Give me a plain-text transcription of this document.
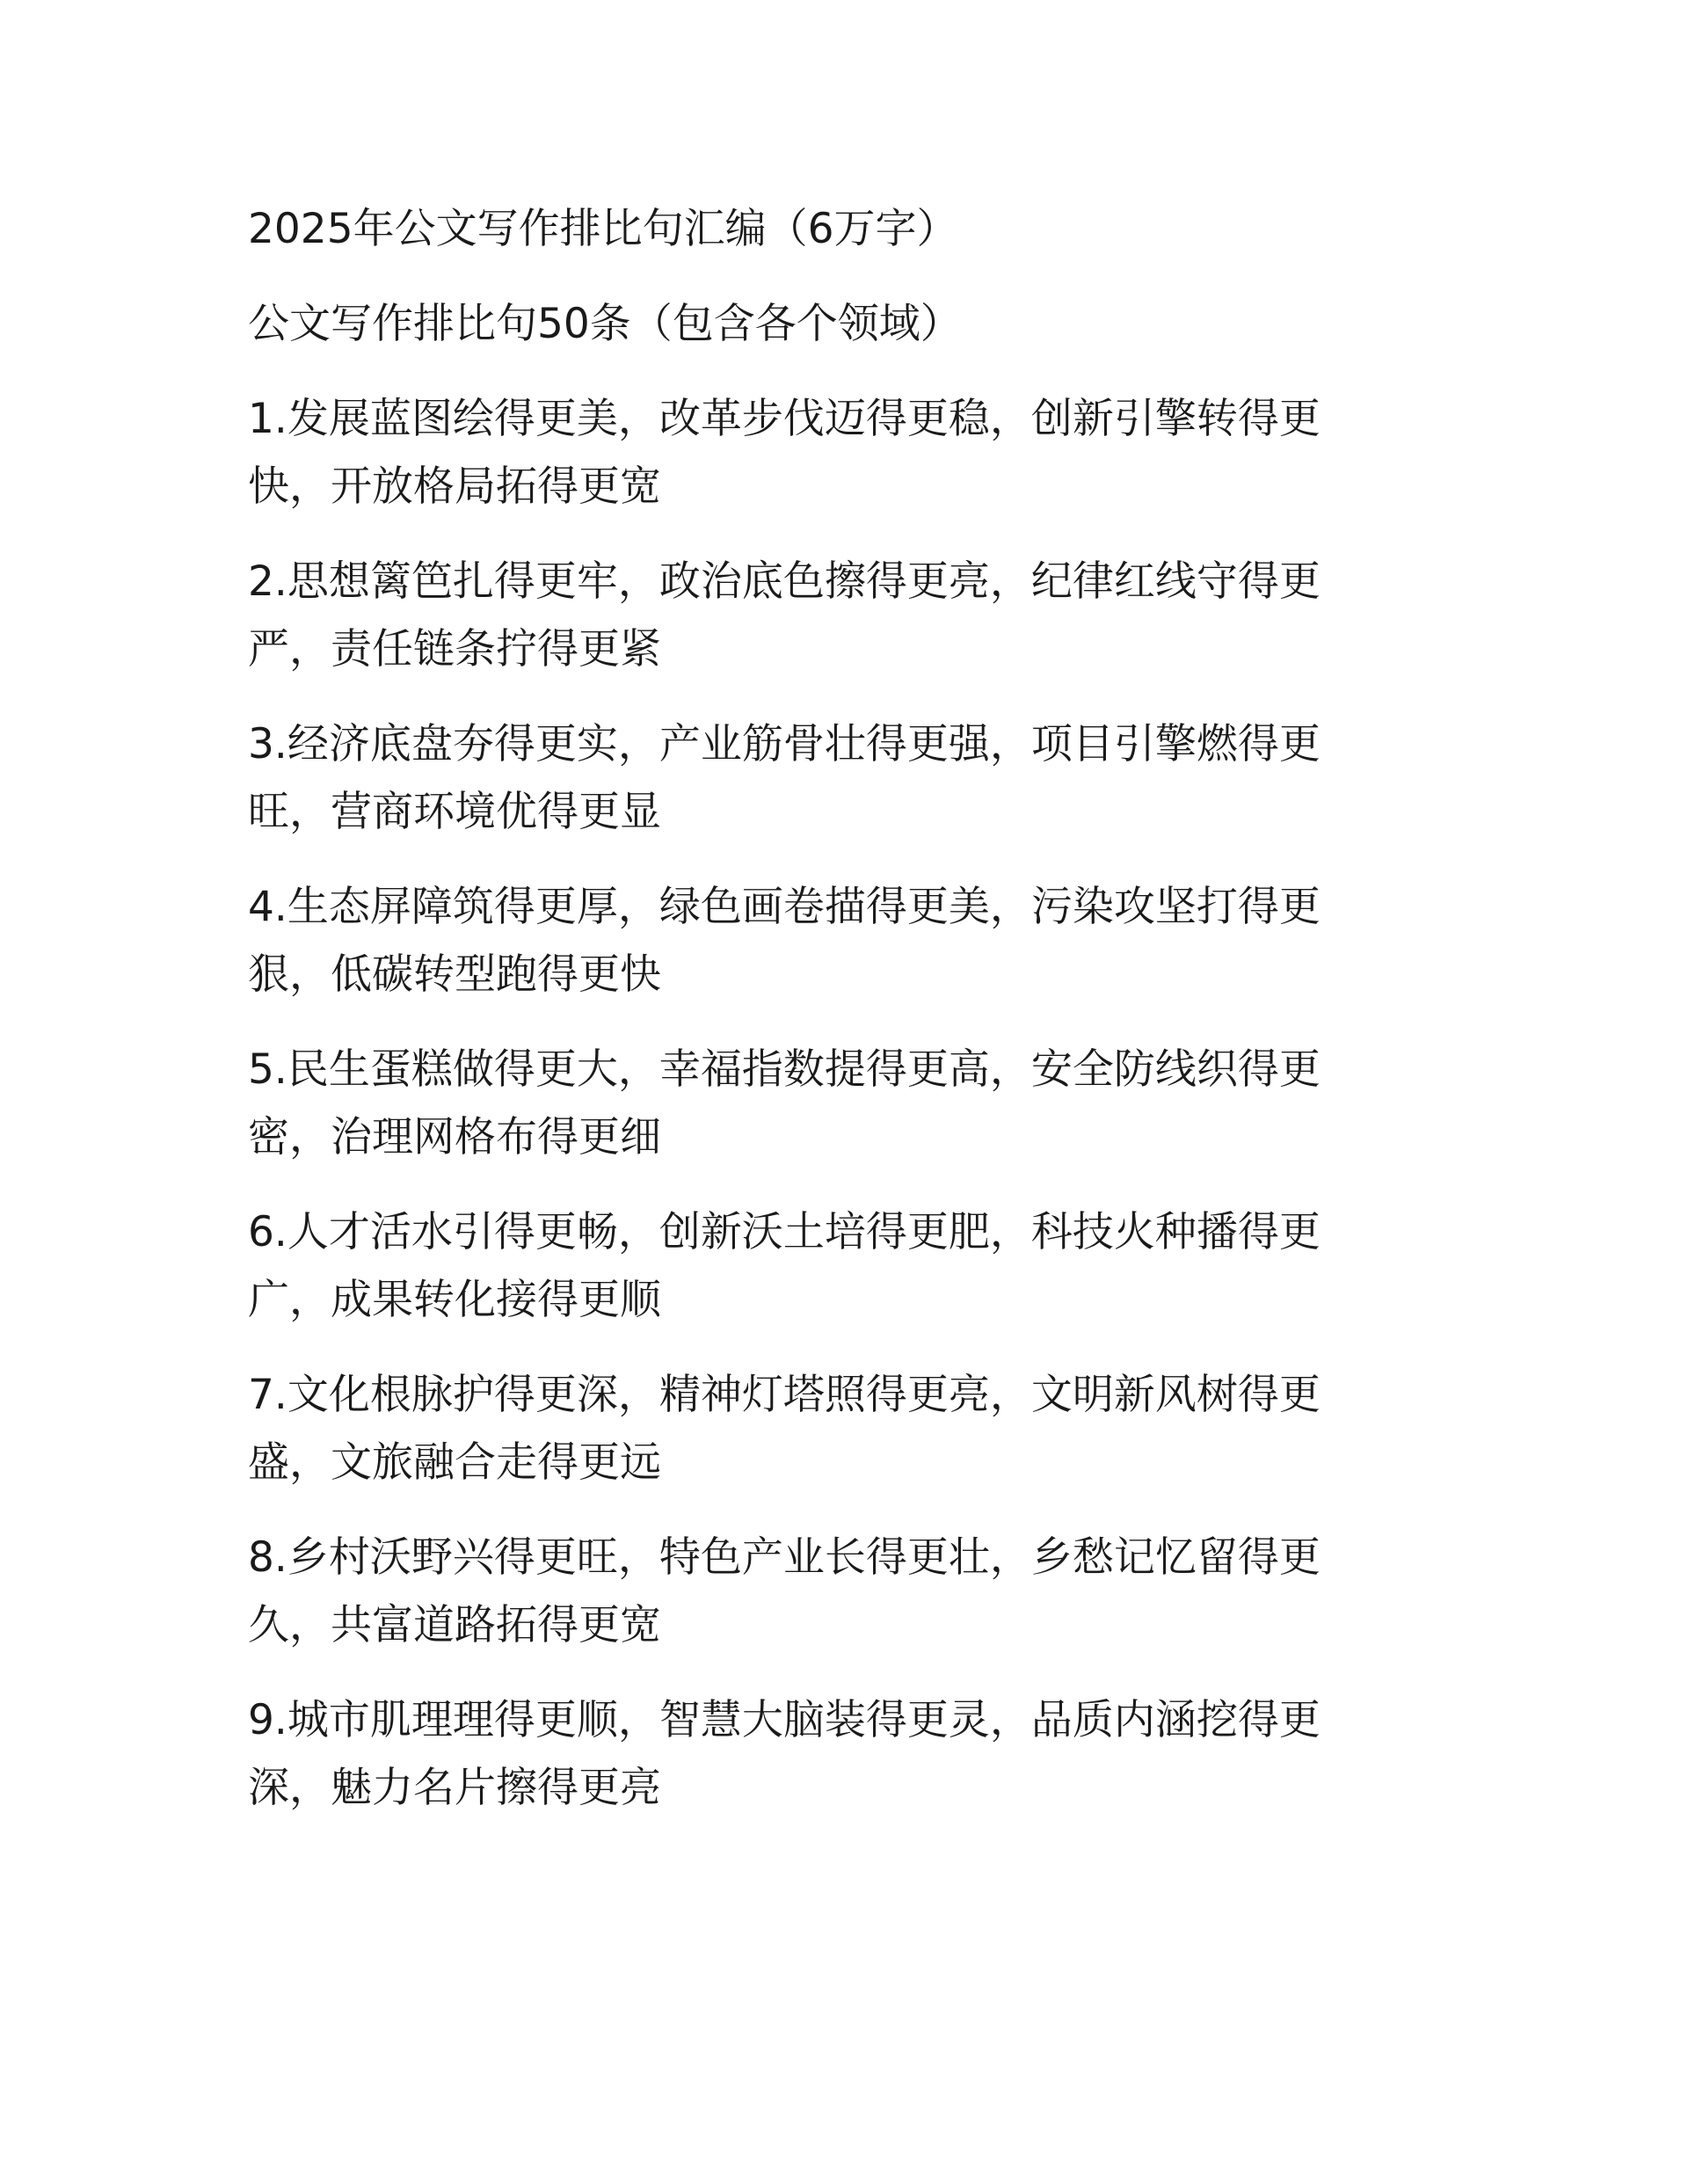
2025年公文写作排比句汇编（6万字）

公文写作排比句50条（包含各个领域）

1.发展蓝图绘得更美，改革步伐迈得更稳，创新引擎转得更
快，开放格局拓得更宽

2.思想篱笆扎得更牢，政治底色擦得更亮，纪律红线守得更
严，责任链条拧得更紧

3.经济底盘夯得更实，产业筋骨壮得更强，项目引擎燃得更
旺，营商环境优得更显

4.生态屏障筑得更厚，绿色画卷描得更美，污染攻坚打得更
狠，低碳转型跑得更快

5.民生蛋糕做得更大，幸福指数提得更高，安全防线织得更
密，治理网格布得更细

6.人才活水引得更畅，创新沃土培得更肥，科技火种播得更
广，成果转化接得更顺

7.文化根脉护得更深，精神灯塔照得更亮，文明新风树得更
盛，文旅融合走得更远

8.乡村沃野兴得更旺，特色产业长得更壮，乡愁记忆留得更
久，共富道路拓得更宽

9.城市肌理理得更顺，智慧大脑装得更灵，品质内涵挖得更
深，魅力名片擦得更亮
